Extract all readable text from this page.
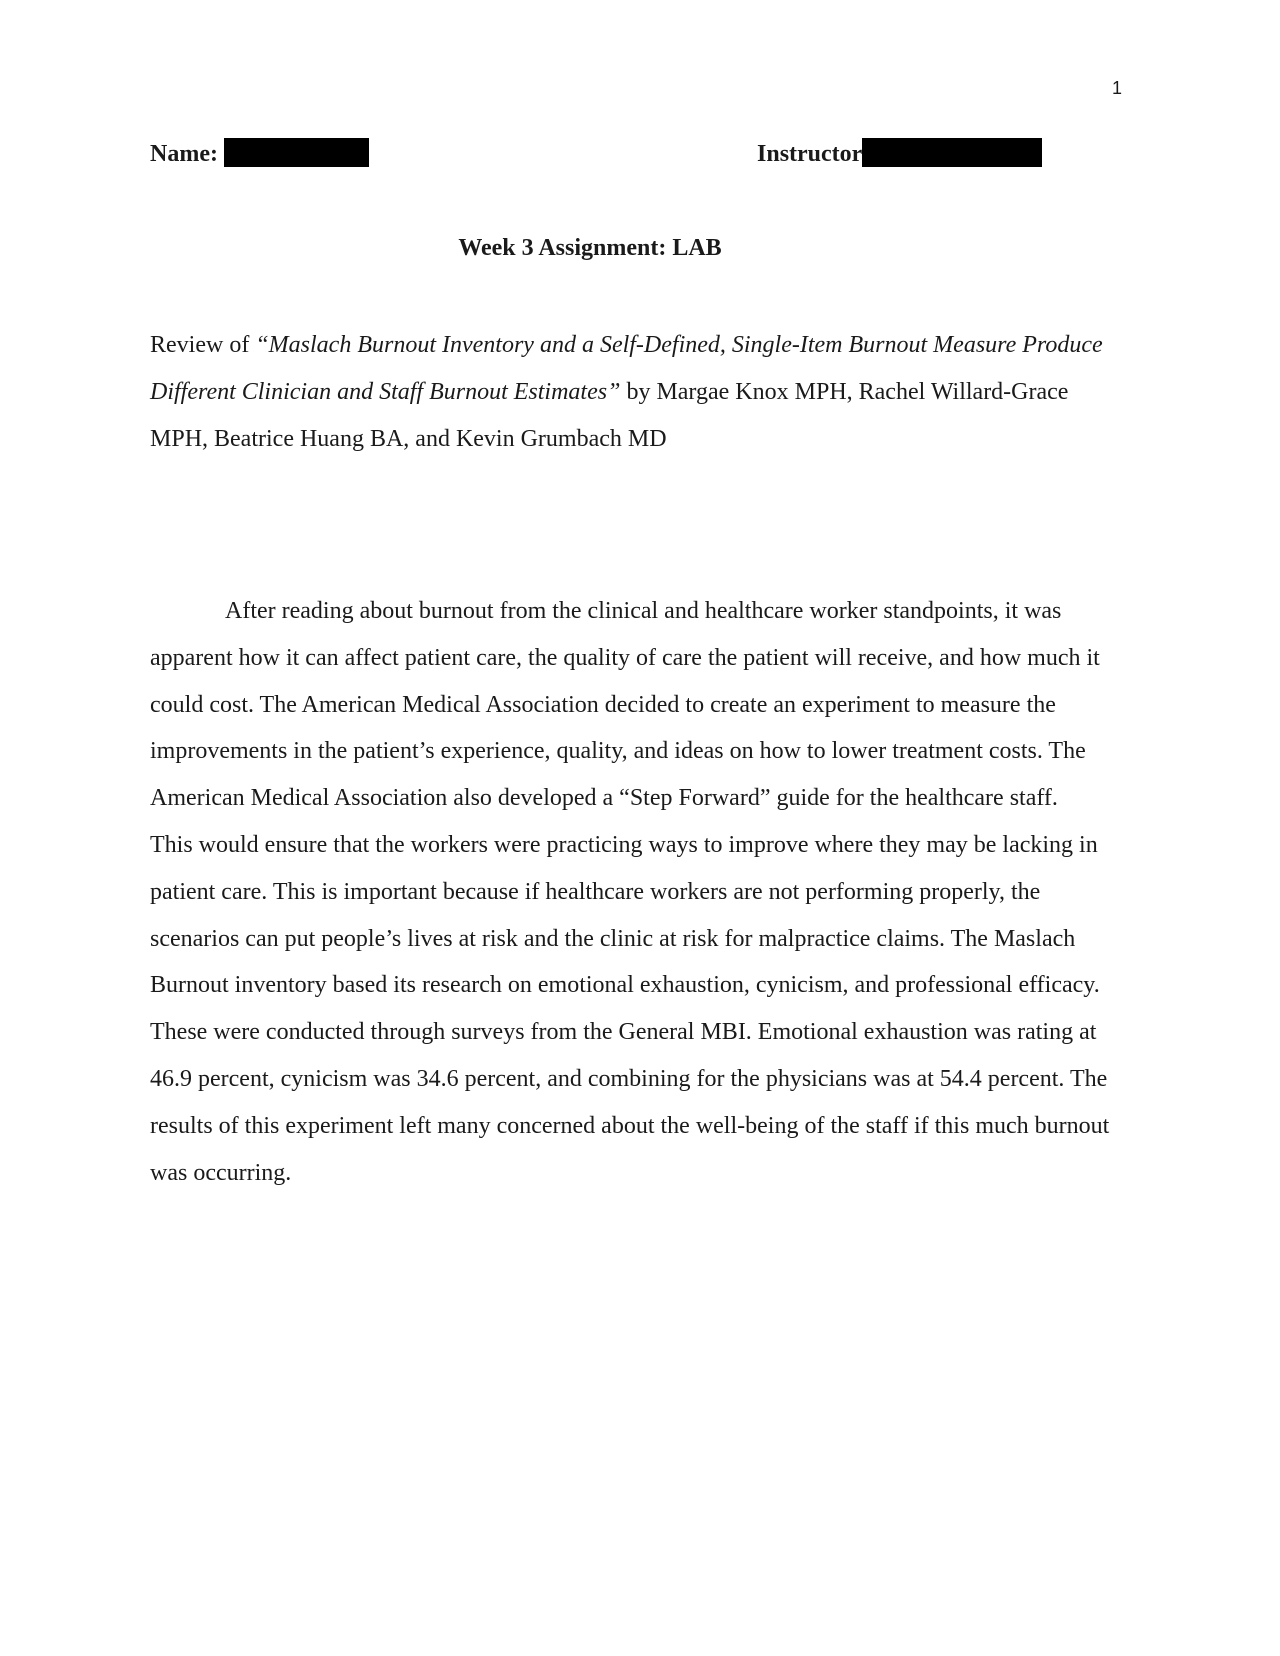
1
Name:	Instructor
Week 3 Assignment: LAB
Review of “Maslach Burnout Inventory and a Self-Defined, Single-Item Burnout Measure Produce Different Clinician and Staff Burnout Estimates” by Margae Knox MPH, Rachel Willard-Grace MPH, Beatrice Huang BA, and Kevin Grumbach MD

After reading about burnout from the clinical and healthcare worker standpoints, it was apparent how it can affect patient care, the quality of care the patient will receive, and how much it could cost. The American Medical Association decided to create an experiment to measure the improvements in the patient’s experience, quality, and ideas on how to lower treatment costs. The American Medical Association also developed a “Step Forward” guide for the healthcare staff.

This would ensure that the workers were practicing ways to improve where they may be lacking in patient care. This is important because if healthcare workers are not performing properly, the scenarios can put people’s lives at risk and the clinic at risk for malpractice claims. The Maslach Burnout inventory based its research on emotional exhaustion, cynicism, and professional efficacy. These were conducted through surveys from the General MBI. Emotional exhaustion was rating at 46.9 percent, cynicism was 34.6 percent, and combining for the physicians was at 54.4 percent. The results of this experiment left many concerned about the well-being of the staff if this much burnout was occurring.
